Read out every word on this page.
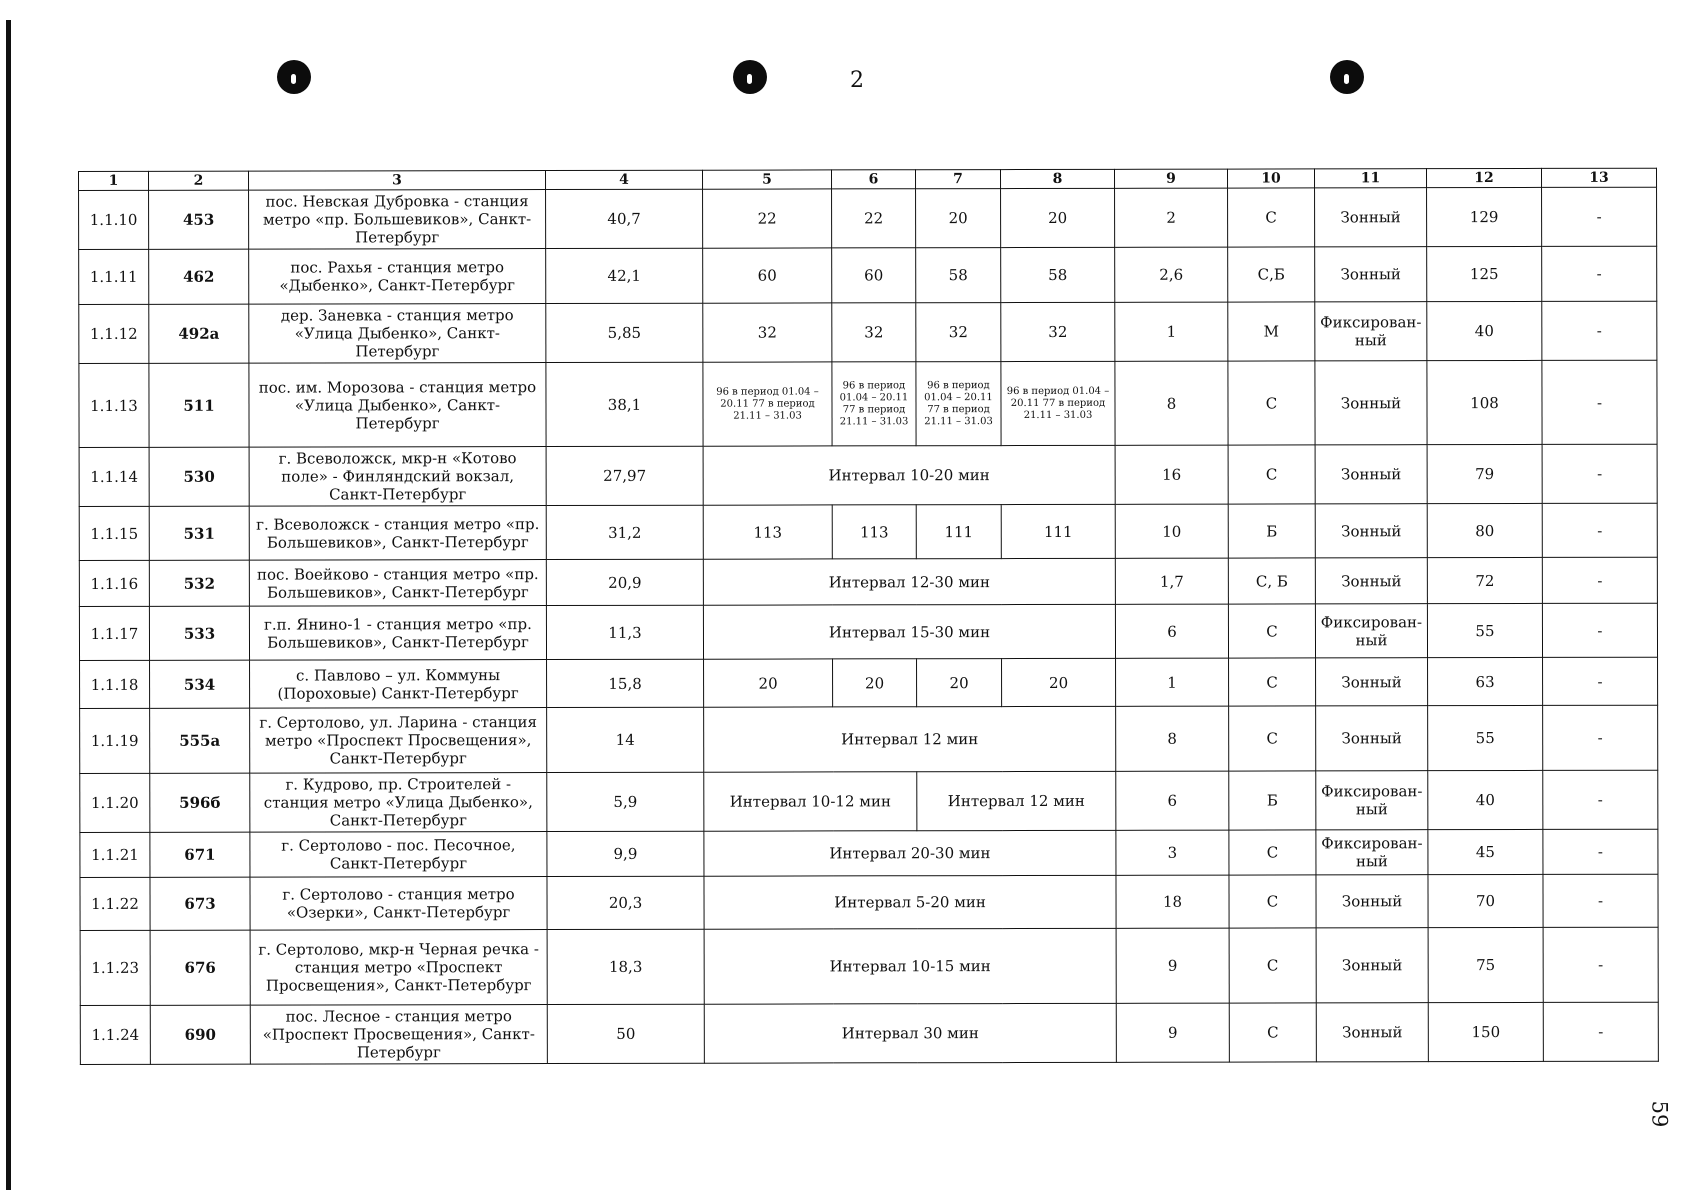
2
59
1	2	3	4	5	6	7	8	9	10	11	12	13
1.1.10	453	пос. Невская Дубровка - станция метро «пр. Большевиков», Санкт-Петербург	40,7	22	22	20	20	2	С	Зонный	129	-
1.1.11	462	пос. Рахья - станция метро «Дыбенко», Санкт-Петербург	42,1	60	60	58	58	2,6	С,Б	Зонный	125	-
1.1.12	492а	дер. Заневка - станция метро «Улица Дыбенко», Санкт-Петербург	5,85	32	32	32	32	1	М	Фиксирован-ный	40	-
1.1.13	511	пос. им. Морозова - станция метро «Улица Дыбенко», Санкт-Петербург	38,1	96 в период 01.04 – 20.11 77 в период 21.11 – 31.03	96 в период 01.04 – 20.11 77 в период 21.11 – 31.03	96 в период 01.04 – 20.11 77 в период 21.11 – 31.03	96 в период 01.04 – 20.11 77 в период 21.11 – 31.03	8	С	Зонный	108	-
1.1.14	530	г. Всеволожск, мкр-н «Котово поле» - Финляндский вокзал, Санкт-Петербург	27,97	Интервал 10-20 мин				16	С	Зонный	79	-
1.1.15	531	г. Всеволожск - станция метро «пр. Большевиков», Санкт-Петербург	31,2	113	113	111	111	10	Б	Зонный	80	-
1.1.16	532	пос. Воейково - станция метро «пр. Большевиков», Санкт-Петербург	20,9	Интервал 12-30 мин				1,7	С, Б	Зонный	72	-
1.1.17	533	г.п. Янино-1 - станция метро «пр. Большевиков», Санкт-Петербург	11,3	Интервал 15-30 мин				6	С	Фиксирован-ный	55	-
1.1.18	534	с. Павлово – ул. Коммуны (Пороховые) Санкт-Петербург	15,8	20	20	20	20	1	С	Зонный	63	-
1.1.19	555а	г. Сертолово, ул. Ларина - станция метро «Проспект Просвещения», Санкт-Петербург	14	Интервал 12 мин				8	С	Зонный	55	-
1.1.20	596б	г. Кудрово, пр. Строителей - станция метро «Улица Дыбенко», Санкт-Петербург	5,9	Интервал 10-12 мин		Интервал 12 мин		6	Б	Фиксирован-ный	40	-
1.1.21	671	г. Сертолово - пос. Песочное, Санкт-Петербург	9,9	Интервал 20-30 мин				3	С	Фиксирован-ный	45	-
1.1.22	673	г. Сертолово - станция метро «Озерки», Санкт-Петербург	20,3	Интервал 5-20 мин				18	С	Зонный	70	-
1.1.23	676	г. Сертолово, мкр-н Черная речка - станция метро «Проспект Просвещения», Санкт-Петербург	18,3	Интервал 10-15 мин				9	С	Зонный	75	-
1.1.24	690	пос. Лесное - станция метро «Проспект Просвещения», Санкт-Петербург	50	Интервал 30 мин				9	С	Зонный	150	-
